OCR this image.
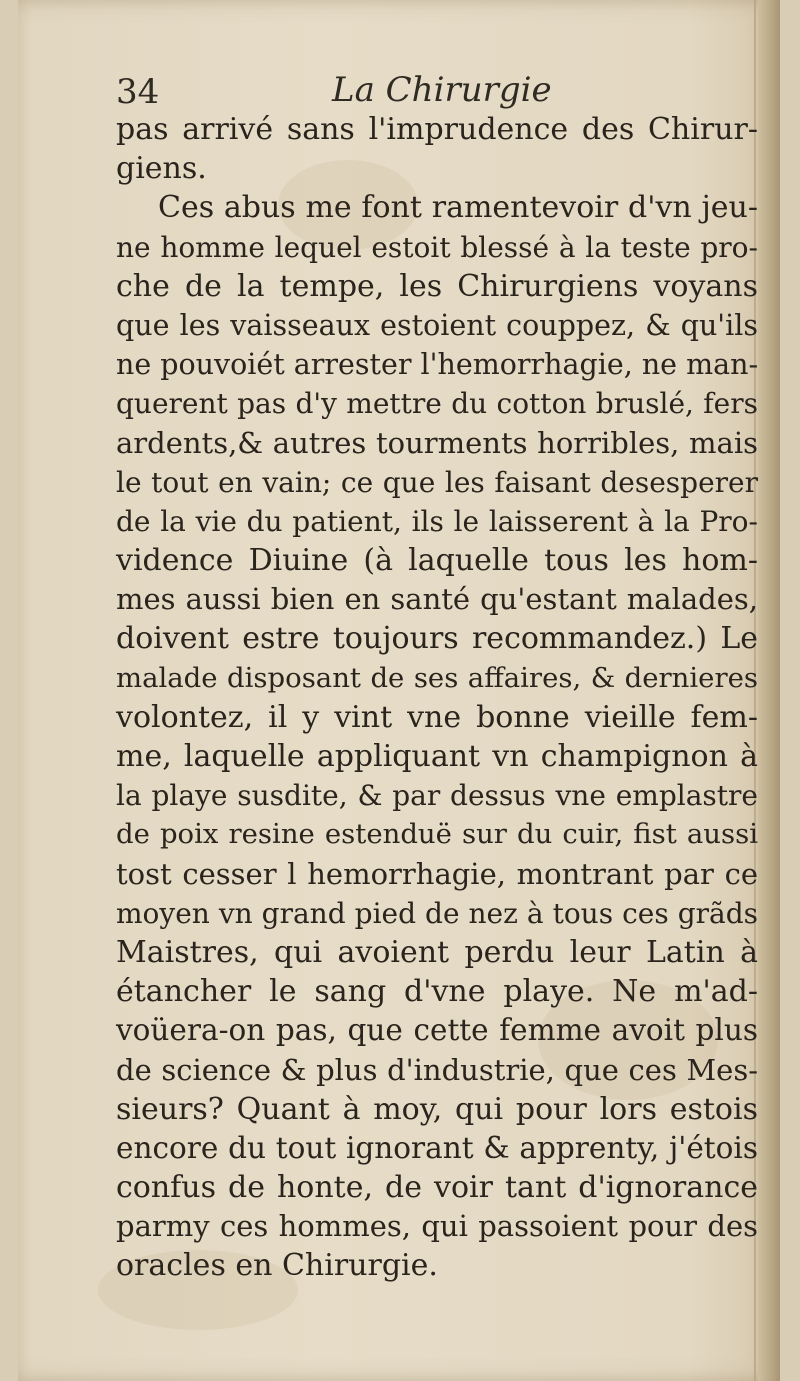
34	La Chirurgie
pas arrivé sans l'imprudence des Chirur-
giens.
Ces abus me font ramentevoir d'vn jeu-
ne homme lequel estoit blessé à la teste pro-
che de la tempe, les Chirurgiens voyans
que les vaisseaux estoient couppez, & qu'ils
ne pouvoiét arrester l'hemorrhagie, ne man-
querent pas d'y mettre du cotton bruslé, fers
ardents,& autres tourments horribles, mais
le tout en vain; ce que les faisant desesperer
de la vie du patient, ils le laisserent à la Pro-
vidence Diuine (à laquelle tous les hom-
mes aussi bien en santé qu'estant malades,
doivent estre toujours recommandez.) Le
malade disposant de ses affaires, & dernieres
volontez, il y vint vne bonne vieille fem-
me, laquelle appliquant vn champignon à
la playe susdite, & par dessus vne emplastre
de poix resine estenduë sur du cuir, fist aussi
tost cesser l hemorrhagie, montrant par ce
moyen vn grand pied de nez à tous ces grãds
Maistres, qui avoient perdu leur Latin à
étancher le sang d'vne playe. Ne m'ad-
voüera-on pas, que cette femme avoit plus
de science & plus d'industrie, que ces Mes-
sieurs? Quant à moy, qui pour lors estois
encore du tout ignorant & apprenty, j'étois
confus de honte, de voir tant d'ignorance
parmy ces hommes, qui passoient pour des
oracles en Chirurgie.
